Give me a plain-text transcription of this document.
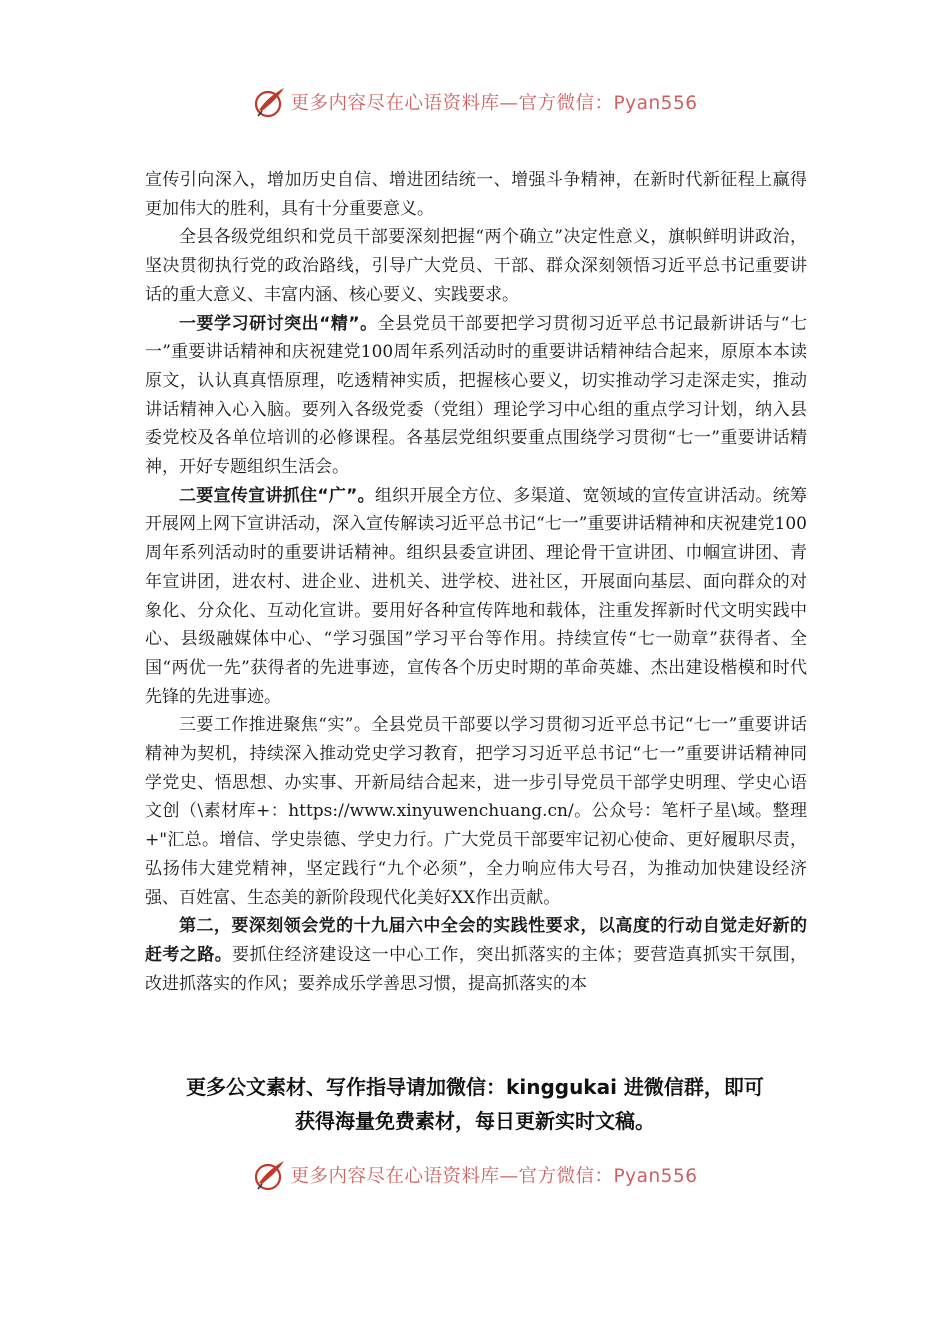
更多内容尽在心语资料库—官方微信：Pyan556

宣传引向深入，增加历史自信、增进团结统一、增强斗争精神，在新时代新征程上赢得更加伟大的胜利，具有十分重要意义。

全县各级党组织和党员干部要深刻把握“两个确立”决定性意义，旗帜鲜明讲政治，坚决贯彻执行党的政治路线，引导广大党员、干部、群众深刻领悟习近平总书记重要讲话的重大意义、丰富内涵、核心要义、实践要求。

一要学习研讨突出“精”。全县党员干部要把学习贯彻习近平总书记最新讲话与“七一”重要讲话精神和庆祝建党100周年系列活动时的重要讲话精神结合起来，原原本本读原文，认认真真悟原理，吃透精神实质，把握核心要义，切实推动学习走深走实，推动讲话精神入心入脑。要列入各级党委（党组）理论学习中心组的重点学习计划，纳入县委党校及各单位培训的必修课程。各基层党组织要重点围绕学习贯彻“七一”重要讲话精神，开好专题组织生活会。

二要宣传宣讲抓住“广”。组织开展全方位、多渠道、宽领域的宣传宣讲活动。统筹开展网上网下宣讲活动，深入宣传解读习近平总书记“七一”重要讲话精神和庆祝建党100周年系列活动时的重要讲话精神。组织县委宣讲团、理论骨干宣讲团、巾帼宣讲团、青年宣讲团，进农村、进企业、进机关、进学校、进社区，开展面向基层、面向群众的对象化、分众化、互动化宣讲。要用好各种宣传阵地和载体，注重发挥新时代文明实践中心、县级融媒体中心、“学习强国”学习平台等作用。持续宣传“七一勋章”获得者、全国“两优一先”获得者的先进事迹，宣传各个历史时期的革命英雄、杰出建设楷模和时代先锋的先进事迹。

三要工作推进聚焦“实”。全县党员干部要以学习贯彻习近平总书记“七一”重要讲话精神为契机，持续深入推动党史学习教育，把学习习近平总书记“七一”重要讲话精神同学党史、悟思想、办实事、开新局结合起来，进一步引导党员干部学史明理、学史心语文创（\素材库+：https://www.xinyuwenchuang.cn/。公众号：笔杆子星\域。整理+"汇总。增信、学史崇德、学史力行。广大党员干部要牢记初心使命、更好履职尽责，弘扬伟大建党精神，坚定践行“九个必须”，全力响应伟大号召，为推动加快建设经济强、百姓富、生态美的新阶段现代化美好XX作出贡献。

第二，要深刻领会党的十九届六中全会的实践性要求，以高度的行动自觉走好新的赶考之路。要抓住经济建设这一中心工作，突出抓落实的主体；要营造真抓实干氛围，改进抓落实的作风；要养成乐学善思习惯，提高抓落实的本

更多公文素材、写作指导请加微信：kinggukai 进微信群，即可
获得海量免费素材，每日更新实时文稿。
更多内容尽在心语资料库—官方微信：Pyan556
